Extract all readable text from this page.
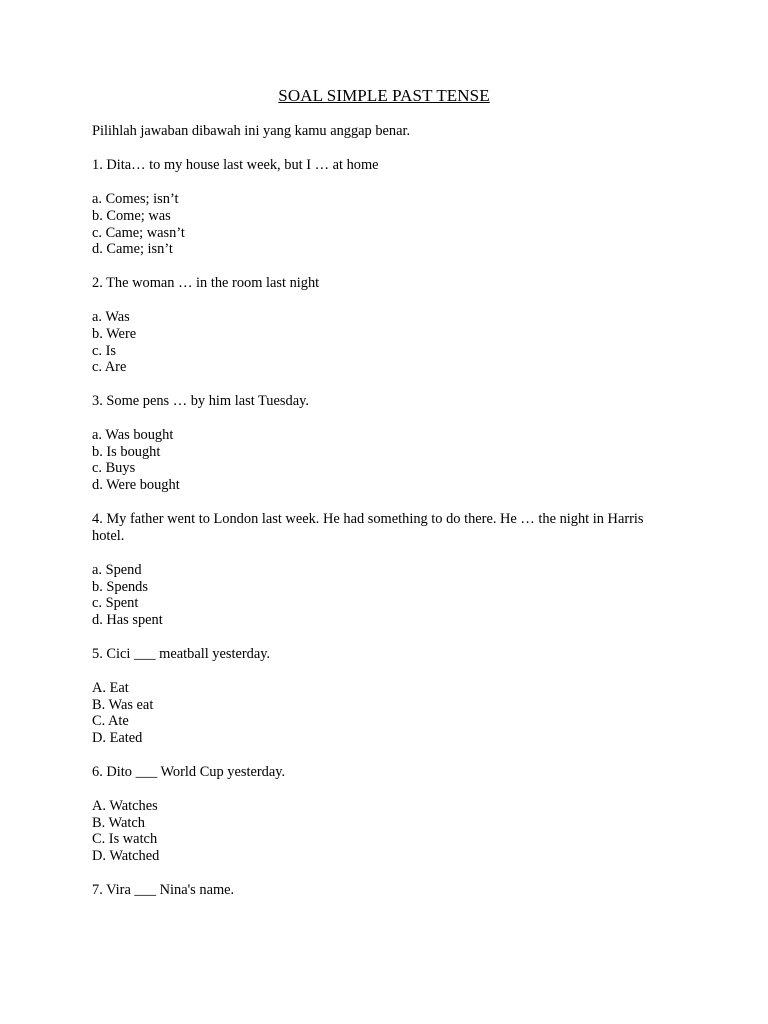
SOAL SIMPLE PAST TENSE
Pilihlah jawaban dibawah ini yang kamu anggap benar.
1. Dita… to my house last week, but I … at home
a. Comes; isn’t
b. Come; was
c. Came; wasn’t
d. Came; isn’t
2. The woman … in the room last night
a. Was
b. Were
c. Is
c. Are
3. Some pens … by him last Tuesday.
a. Was bought
b. Is bought
c. Buys
d. Were bought
4. My father went to London last week. He had something to do there. He … the night in Harris hotel.
a. Spend
b. Spends
c. Spent
d. Has spent
5. Cici ___ meatball yesterday.
A. Eat
B. Was eat
C. Ate
D. Eated
6. Dito ___ World Cup yesterday.
A. Watches
B. Watch
C. Is watch
D. Watched
7. Vira ___ Nina's name.
